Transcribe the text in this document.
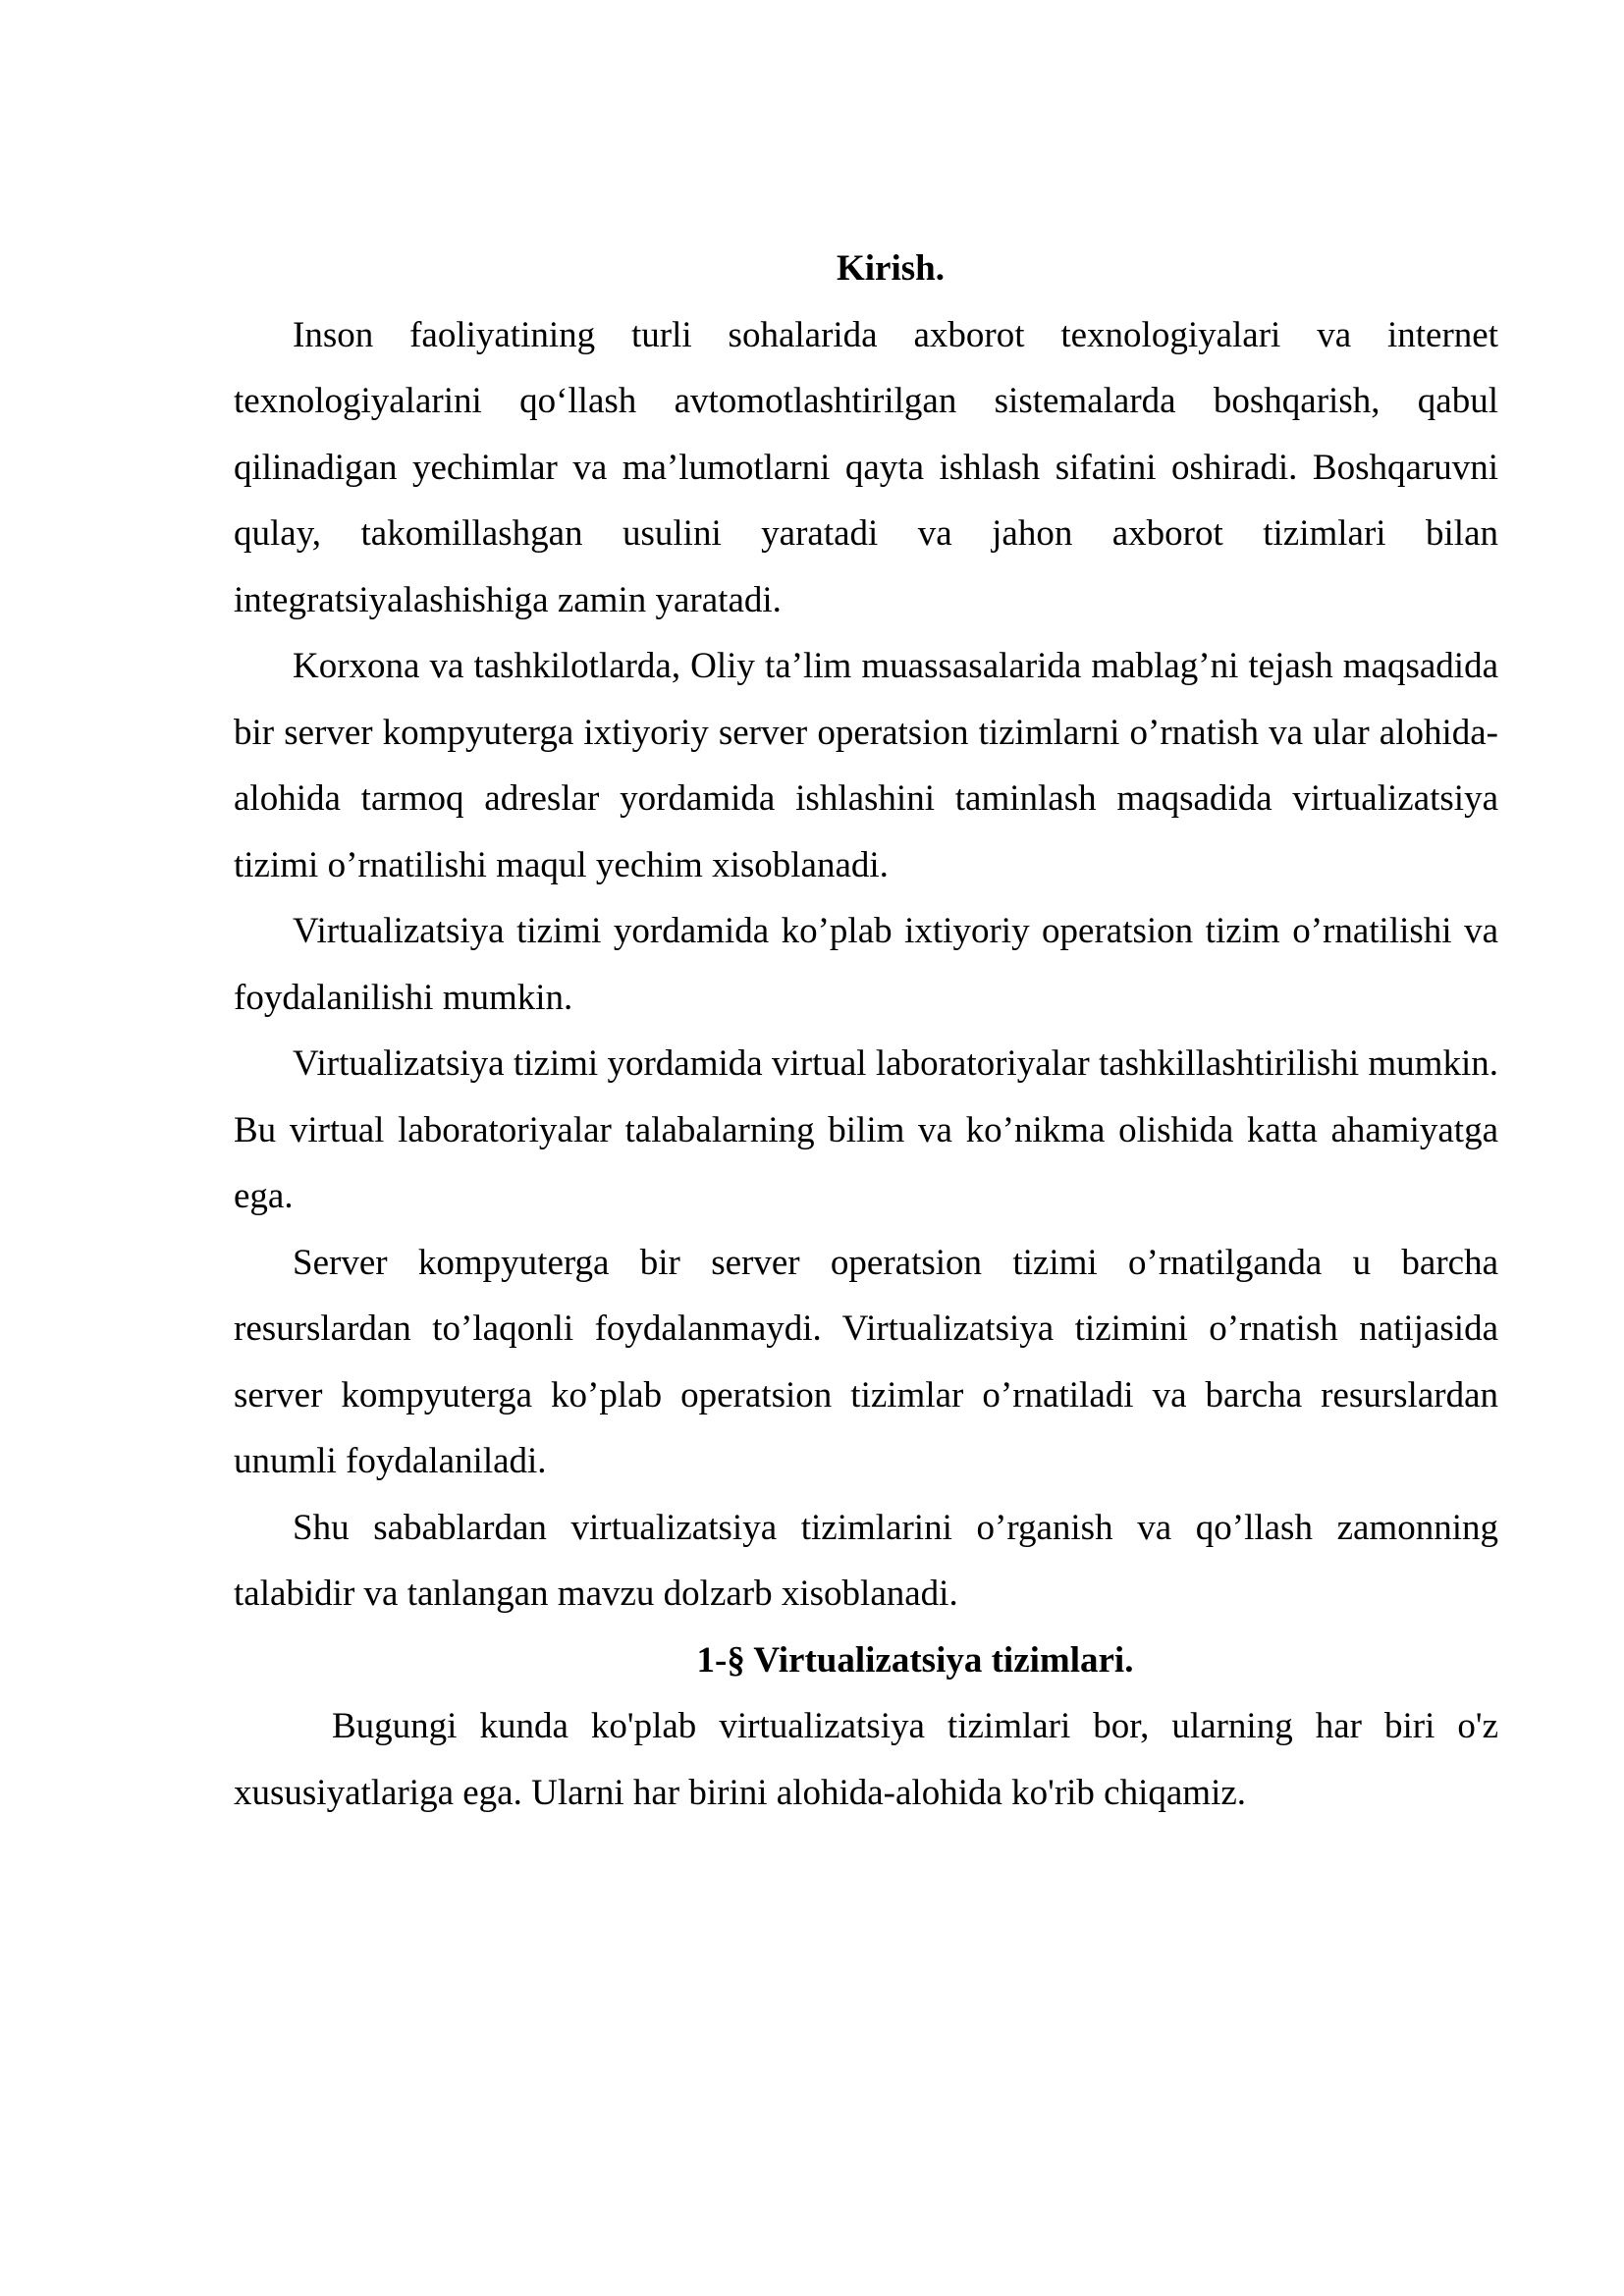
Kirish.

Inson faoliyatining turli sohalarida axborot texnologiyalari va internet texnologiyalarini qo‘llash avtomotlashtirilgan sistemalarda boshqarish, qabul qilinadigan yechimlar va ma’lumotlarni qayta ishlash sifatini oshiradi. Boshqaruvni qulay, takomillashgan usulini yaratadi va jahon axborot tizimlari bilan integratsiyalashishiga zamin yaratadi.

Korxona va tashkilotlarda, Oliy ta’lim muassasalarida mablag’ni tejash maqsadida bir server kompyuterga ixtiyoriy server operatsion tizimlarni o’rnatish va ular alohida-alohida tarmoq adreslar yordamida ishlashini taminlash maqsadida virtualizatsiya tizimi o’rnatilishi maqul yechim xisoblanadi.

Virtualizatsiya tizimi yordamida ko’plab ixtiyoriy operatsion tizim o’rnatilishi va foydalanilishi mumkin.

Virtualizatsiya tizimi yordamida virtual laboratoriyalar tashkillashtirilishi mumkin. Bu virtual laboratoriyalar talabalarning bilim va ko’nikma olishida katta ahamiyatga ega.

Server kompyuterga bir server operatsion tizimi o’rnatilganda u barcha resurslardan to’laqonli foydalanmaydi. Virtualizatsiya tizimini o’rnatish natijasida server kompyuterga ko’plab operatsion tizimlar o’rnatiladi va barcha resurslardan unumli foydalaniladi.

Shu sabablardan virtualizatsiya tizimlarini o’rganish va qo’llash zamonning talabidir va tanlangan mavzu dolzarb xisoblanadi.

1-§ Virtualizatsiya tizimlari.

Bugungi kunda ko'plab virtualizatsiya tizimlari bor, ularning har biri o'z xususiyatlariga ega. Ularni har birini alohida-alohida ko'rib chiqamiz.
